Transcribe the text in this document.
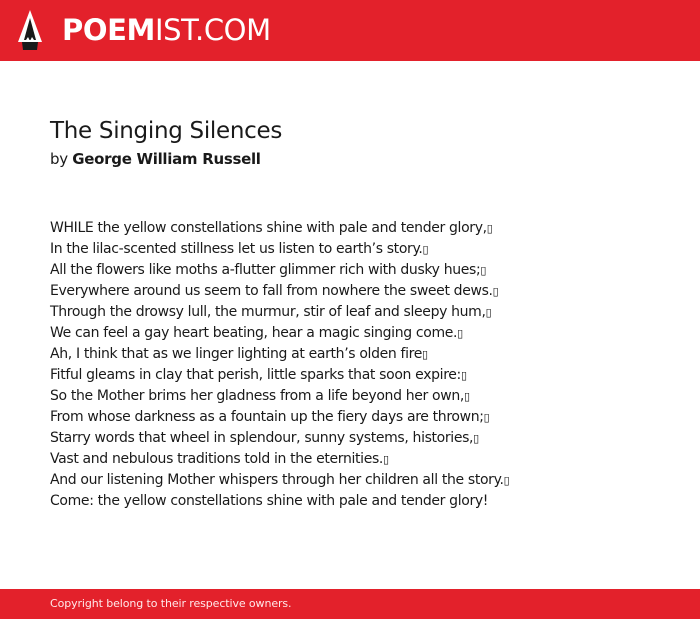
POEMIST.COM
The Singing Silences
by George William Russell
WHILE the yellow constellations shine with pale and tender glory,▯
In the lilac-scented stillness let us listen to earth’s story.▯
All the flowers like moths a-flutter glimmer rich with dusky hues;▯
Everywhere around us seem to fall from nowhere the sweet dews.▯
Through the drowsy lull, the murmur, stir of leaf and sleepy hum,▯
We can feel a gay heart beating, hear a magic singing come.▯
Ah, I think that as we linger lighting at earth’s olden fire▯
Fitful gleams in clay that perish, little sparks that soon expire:▯
So the Mother brims her gladness from a life beyond her own,▯
From whose darkness as a fountain up the fiery days are thrown;▯
Starry words that wheel in splendour, sunny systems, histories,▯
Vast and nebulous traditions told in the eternities.▯
And our listening Mother whispers through her children all the story.▯
Come: the yellow constellations shine with pale and tender glory!
Copyright belong to their respective owners.
